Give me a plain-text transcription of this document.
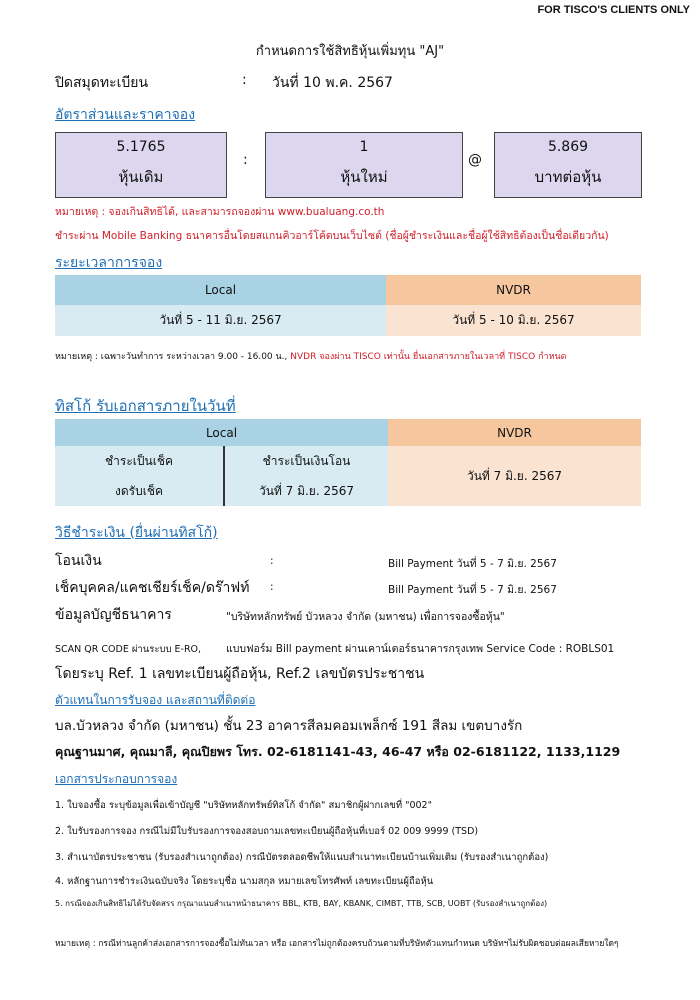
FOR TISCO'S CLIENTS ONLY
กำหนดการใช้สิทธิหุ้นเพิ่มทุน "AJ"
ปิดสมุดทะเบียน	: วันที่ 10 พ.ค. 2567
อัตราส่วนและราคาจอง
5.1765
หุ้นเดิม
:
1
หุ้นใหม่
@
5.869
บาทต่อหุ้น
หมายเหตุ : จองเกินสิทธิได้, และสามารถจองผ่าน www.bualuang.co.th
ชำระผ่าน Mobile Banking ธนาคารอื่นโดยสแกนคิวอาร์โค้ดบนเว็บไซต์ (ชื่อผู้ชำระเงินและชื่อผู้ใช้สิทธิต้องเป็นชื่อเดียวกัน)
ระยะเวลาการจอง
Local	NVDR
วันที่ 5 - 11 มิ.ย. 2567	วันที่ 5 - 10 มิ.ย. 2567
หมายเหตุ : เฉพาะวันทำการ ระหว่างเวลา 9.00 - 16.00 น., NVDR จองผ่าน TISCO เท่านั้น ยื่นเอกสารภายในเวลาที่ TISCO กำหนด
ทิสโก้ รับเอกสารภายในวันที่
Local		NVDR
ชำระเป็นเช็ค	ชำระเป็นเงินโอน	วันที่ 7 มิ.ย. 2567
งดรับเช็ค	วันที่ 7 มิ.ย. 2567	
วิธีชำระเงิน (ยื่นผ่านทิสโก้)
โอนเงิน	:	Bill Payment วันที่ 5 - 7 มิ.ย. 2567
เช็คบุคคล/แคชเชียร์เช็ค/ดร๊าฟท์ :	Bill Payment วันที่ 5 - 7 มิ.ย. 2567
ข้อมูลบัญชีธนาคาร	"บริษัทหลักทรัพย์ บัวหลวง จำกัด (มหาชน) เพื่อการจองซื้อหุ้น"
SCAN QR CODE ผ่านระบบ E-RO, แบบฟอร์ม Bill payment ผ่านเคาน์เตอร์ธนาคารกรุงเทพ Service Code : ROBLS01
โดยระบุ Ref. 1 เลขทะเบียนผู้ถือหุ้น, Ref.2 เลขบัตรประชาชน
ตัวแทนในการรับจอง และสถานที่ติดต่อ
บล.บัวหลวง จำกัด (มหาชน) ชั้น 23 อาคารสีลมคอมเพล็กซ์ 191 สีลม เขตบางรัก
คุณฐานมาศ, คุณมาลี, คุณปิยพร โทร. 02-6181141-43, 46-47 หรือ 02-6181122, 1133,1129
เอกสารประกอบการจอง
1. ใบจองซื้อ ระบุข้อมูลเพื่อเข้าบัญชี "บริษัทหลักทรัพย์ทิสโก้ จำกัด" สมาชิกผู้ฝากเลขที่ "002"
2. ใบรับรองการจอง กรณีไม่มีใบรับรองการจองสอบถามเลขทะเบียนผู้ถือหุ้นที่เบอร์ 02 009 9999 (TSD)
3. สำเนาบัตรประชาชน (รับรองสำเนาถูกต้อง) กรณีบัตรตลอดชีพให้แนบสำเนาทะเบียนบ้านเพิ่มเติม (รับรองสำเนาถูกต้อง)
4. หลักฐานการชำระเงินฉบับจริง โดยระบุชื่อ นามสกุล หมายเลขโทรศัพท์ เลขทะเบียนผู้ถือหุ้น
5. กรณีจองเกินสิทธิไม่ได้รับจัดสรร กรุณาแนบสำเนาหน้าธนาคาร BBL, KTB, BAY, KBANK, CIMBT, TTB, SCB, UOBT (รับรองสำเนาถูกต้อง)
หมายเหตุ : กรณีท่านลูกค้าส่งเอกสารการจองซื้อไม่ทันเวลา หรือ เอกสารไม่ถูกต้องครบถ้วนตามที่บริษัทตัวแทนกำหนด บริษัทฯไม่รับผิดชอบต่อผลเสียหายใดๆ
